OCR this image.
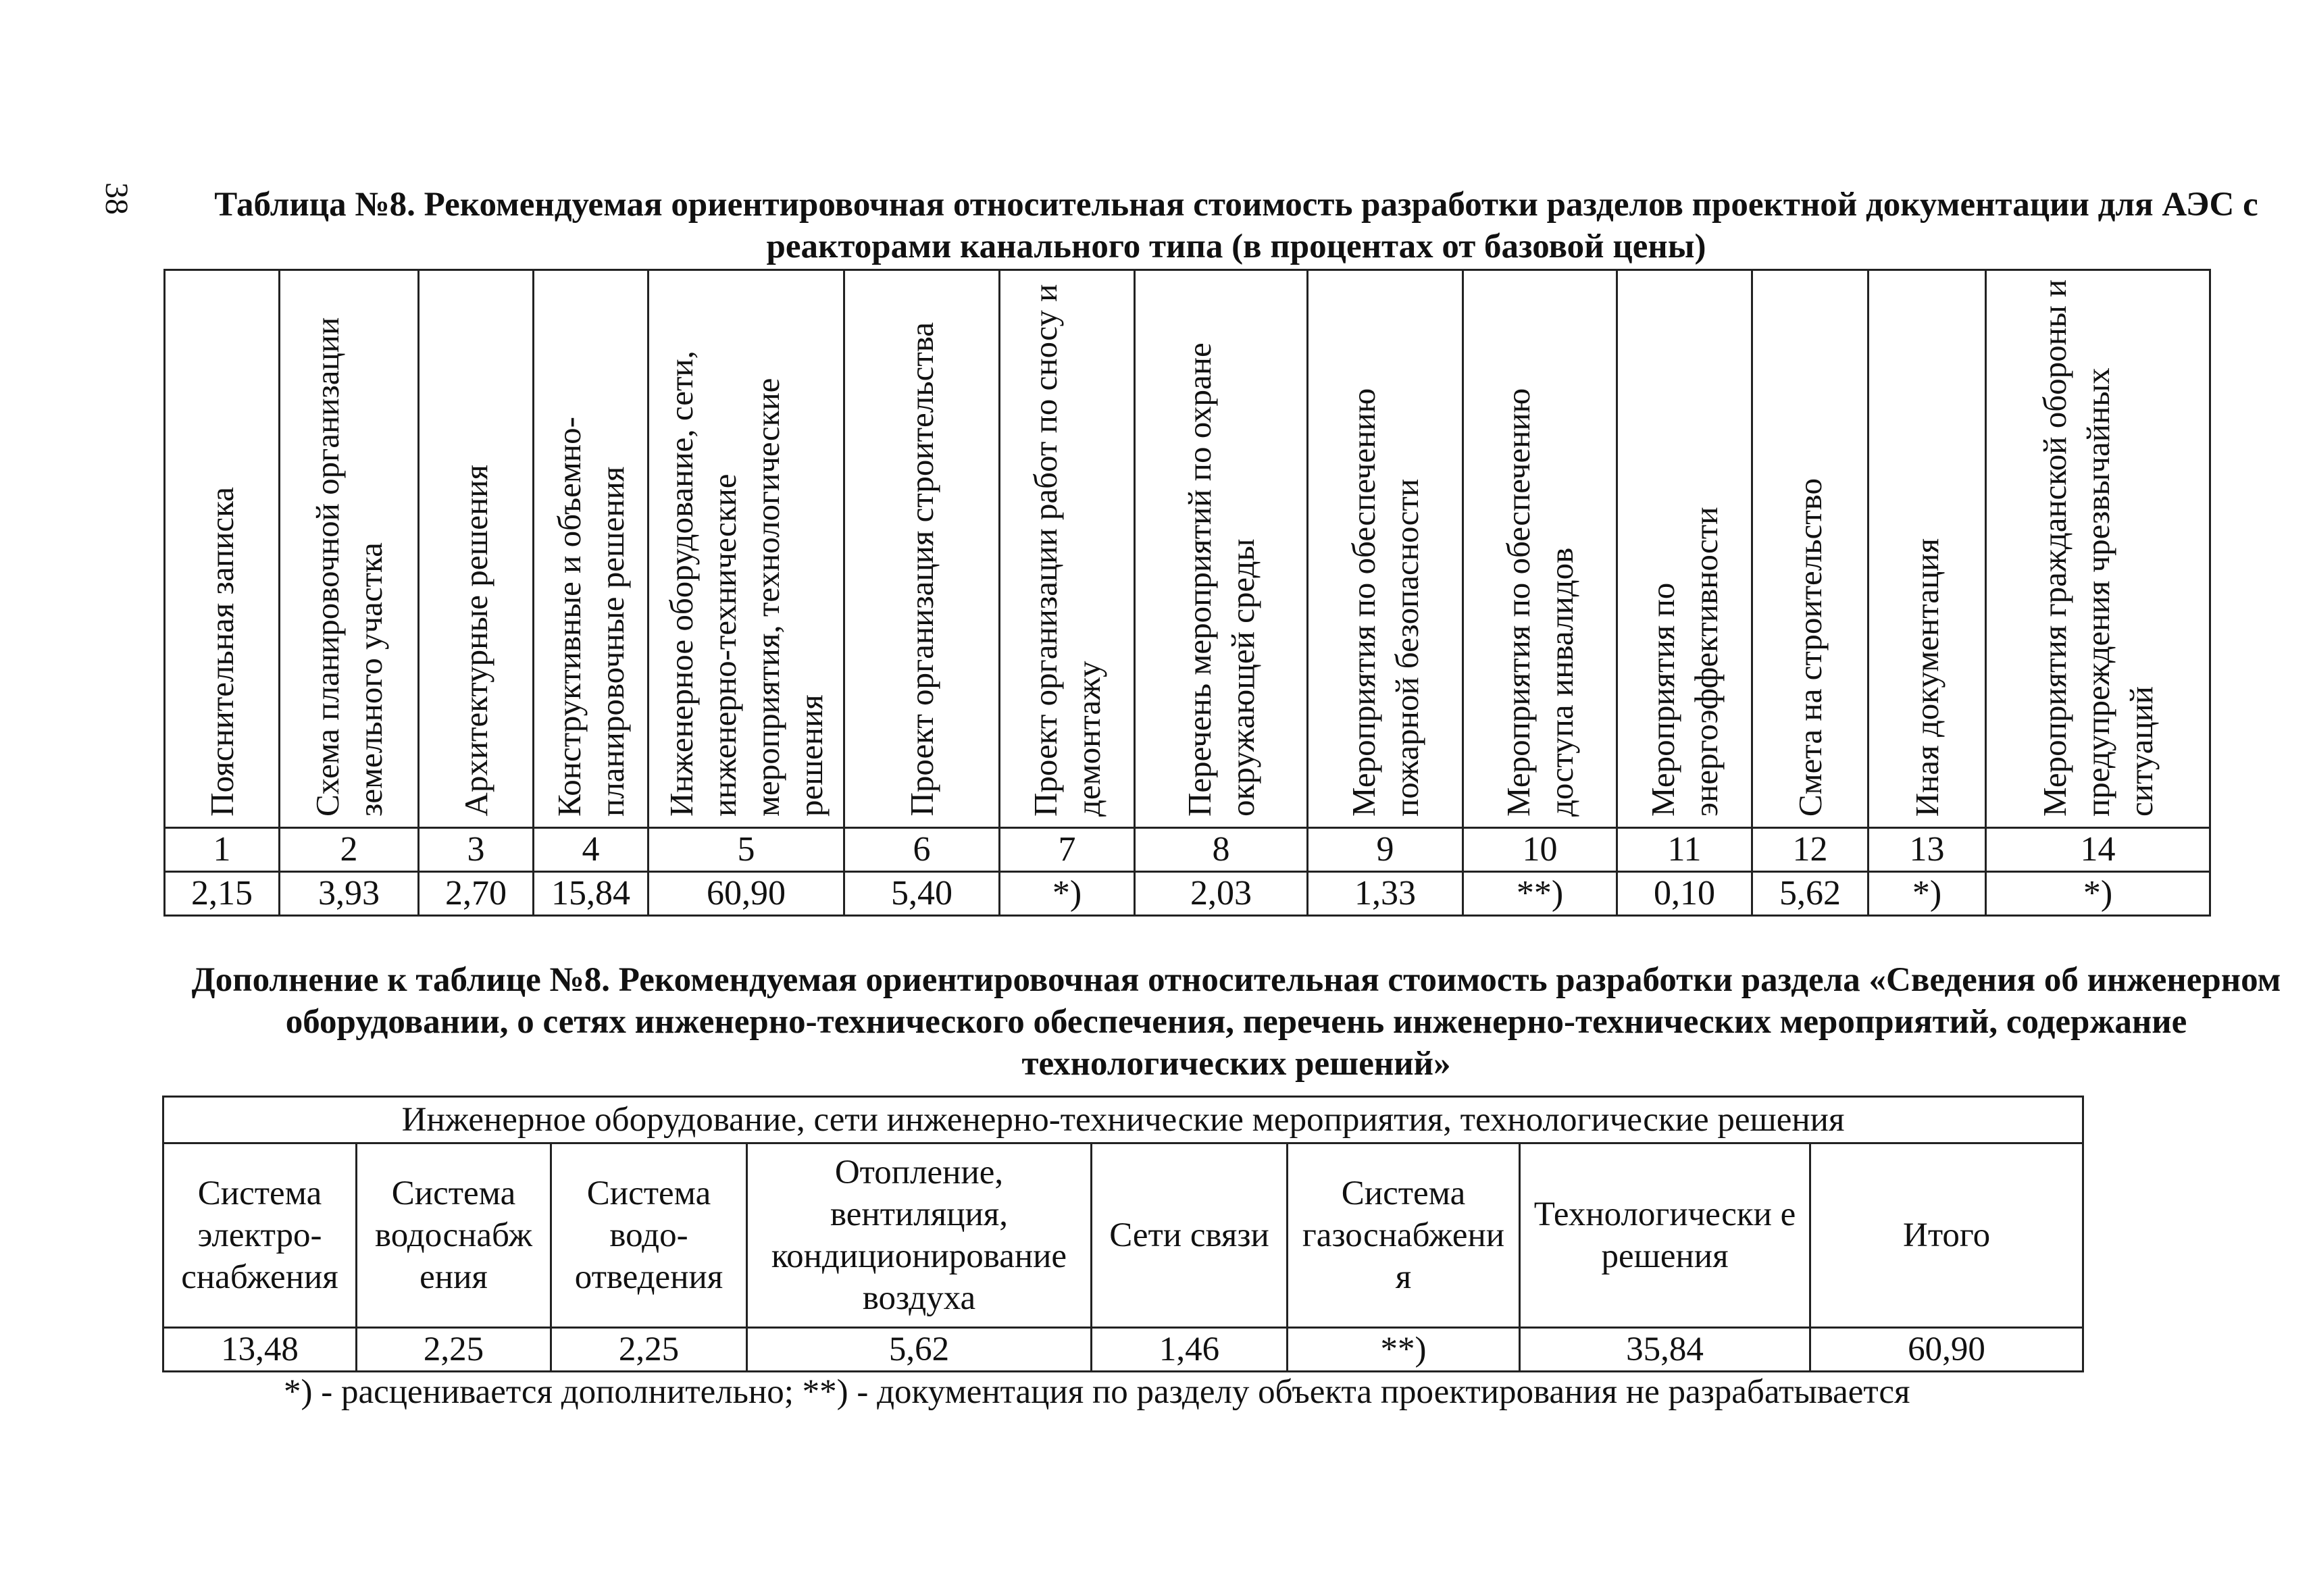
38	Таблица №8. Рекомендуемая ориентировочная относительная стоимость разработки разделов проектной документации для АЭС с реакторами канального типа (в процентах от базовой цены)
Пояснительная записка	Схема планировочной организации земельного участка	Архитектурные решения	Конструктивные и объемно-планировочные решения	Инженерное оборудование, сети, инженерно-технические мероприятия, технологические решения	Проект организация строительства	Проект организации работ по сносу и демонтажу	Перечень мероприятий по охране окружающей среды	Мероприятия по обеспечению пожарной безопасности	Мероприятия по обеспечению доступа инвалидов	Мероприятия по энергоэффективности	Смета на строительство	Иная документация	Мероприятия гражданской обороны и предупреждения чрезвычайных ситуаций
1	2	3	4	5	6	7	8	9	10	11	12	13	14
2,15	3,93	2,70	15,84	60,90	5,40	*)	2,03	1,33	**)	0,10	5,62	*)	*)
Дополнение к таблице №8. Рекомендуемая ориентировочная относительная стоимость разработки раздела «Сведения об инженерном оборудовании, о сетях инженерно-технического обеспечения, перечень инженерно-технических мероприятий, содержание технологических решений»
Инженерное оборудование, сети инженерно-технические мероприятия, технологические решения							
Система электро-снабжения	Система водоснабж ения	Система водо-отведения	Отопление, вентиляция, кондиционирование воздуха	Сети связи	Система газоснабжени я	Технологически е решения	Итого
13,48	2,25	2,25	5,62	1,46	**)	35,84	60,90
*) - расценивается дополнительно; **) - документация по разделу объекта проектирования не разрабатывается
